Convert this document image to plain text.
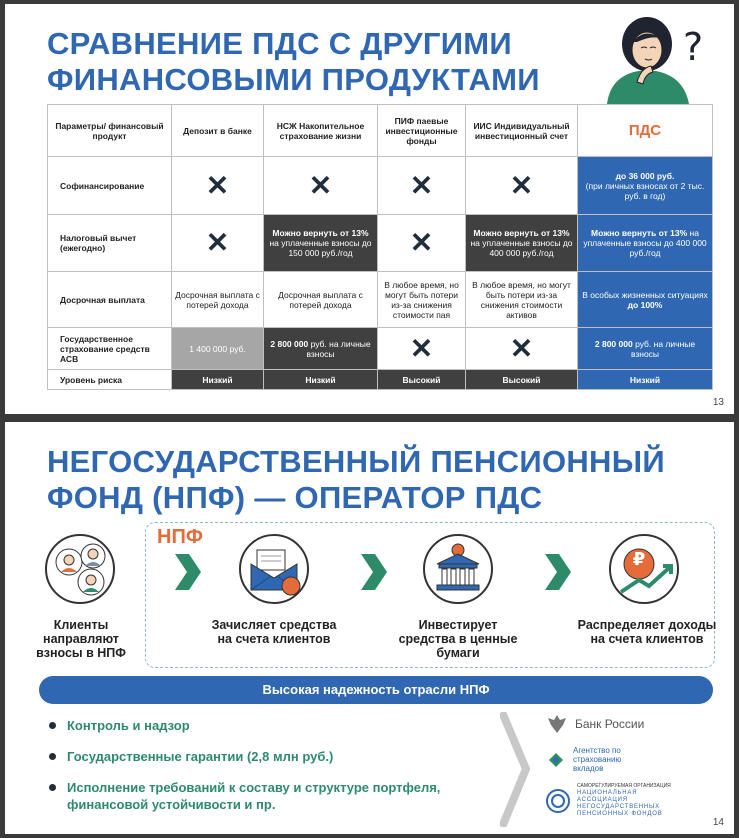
СРАВНЕНИЕ ПДС С ДРУГИМИ
ФИНАНСОВЫМИ ПРОДУКТАМИ
?
Параметры/ финансовый продукт	Депозит в банке	НСЖ Накопительное страхование жизни	ПИФ паевые инвестиционные фонды	ИИС Индивидуальный инвестиционный счет	ПДС
Софинансирование	✕	✕	✕	✕	до 36 000 руб.
(при личных взносах от 2 тыс. руб. в год)
Налоговый вычет (ежегодно)	✕	Можно вернуть от 13% на уплаченные взносы до 150 000 руб./год	✕	Можно вернуть от 13% на уплаченные взносы до 400 000 руб./год	Можно вернуть от 13% на уплаченные взносы до 400 000 руб./год
Досрочная выплата	Досрочная выплата с потерей дохода	Досрочная выплата с потерей дохода	В любое время, но могут быть потери из-за снижения стоимости пая	В любое время, но могут быть потери из-за снижения стоимости активов	В особых жизненных ситуациях до 100%
Государственное страхование средств АСВ	1 400 000 руб.	2 800 000 руб. на личные взносы	✕	✕	2 800 000 руб. на личные взносы
Уровень риска	Низкий	Низкий	Высокий	Высокий	Низкий
13
НЕГОСУДАРСТВЕННЫЙ ПЕНСИОННЫЙ
ФОНД (НПФ) — ОПЕРАТОР ПДС
НПФ
Клиенты направляют взносы в НПФ
Зачисляет средства на счета клиентов
Инвестирует средства в ценные бумаги
₽
Распределяет доходы на счета клиентов
Высокая надежность отрасли НПФ
Контроль и надзор
Государственные гарантии (2,8 млн руб.)
Исполнение требований к составу и структуре портфеля, финансовой устойчивости и пр.
Банк России
Агентство по страхованию вкладов
САМОРЕГУЛИРУЕМАЯ ОРГАНИЗАЦИЯ
НАЦИОНАЛЬНАЯ АССОЦИАЦИЯ НЕГОСУДАРСТВЕННЫХ ПЕНСИОННЫХ ФОНДОВ
14
